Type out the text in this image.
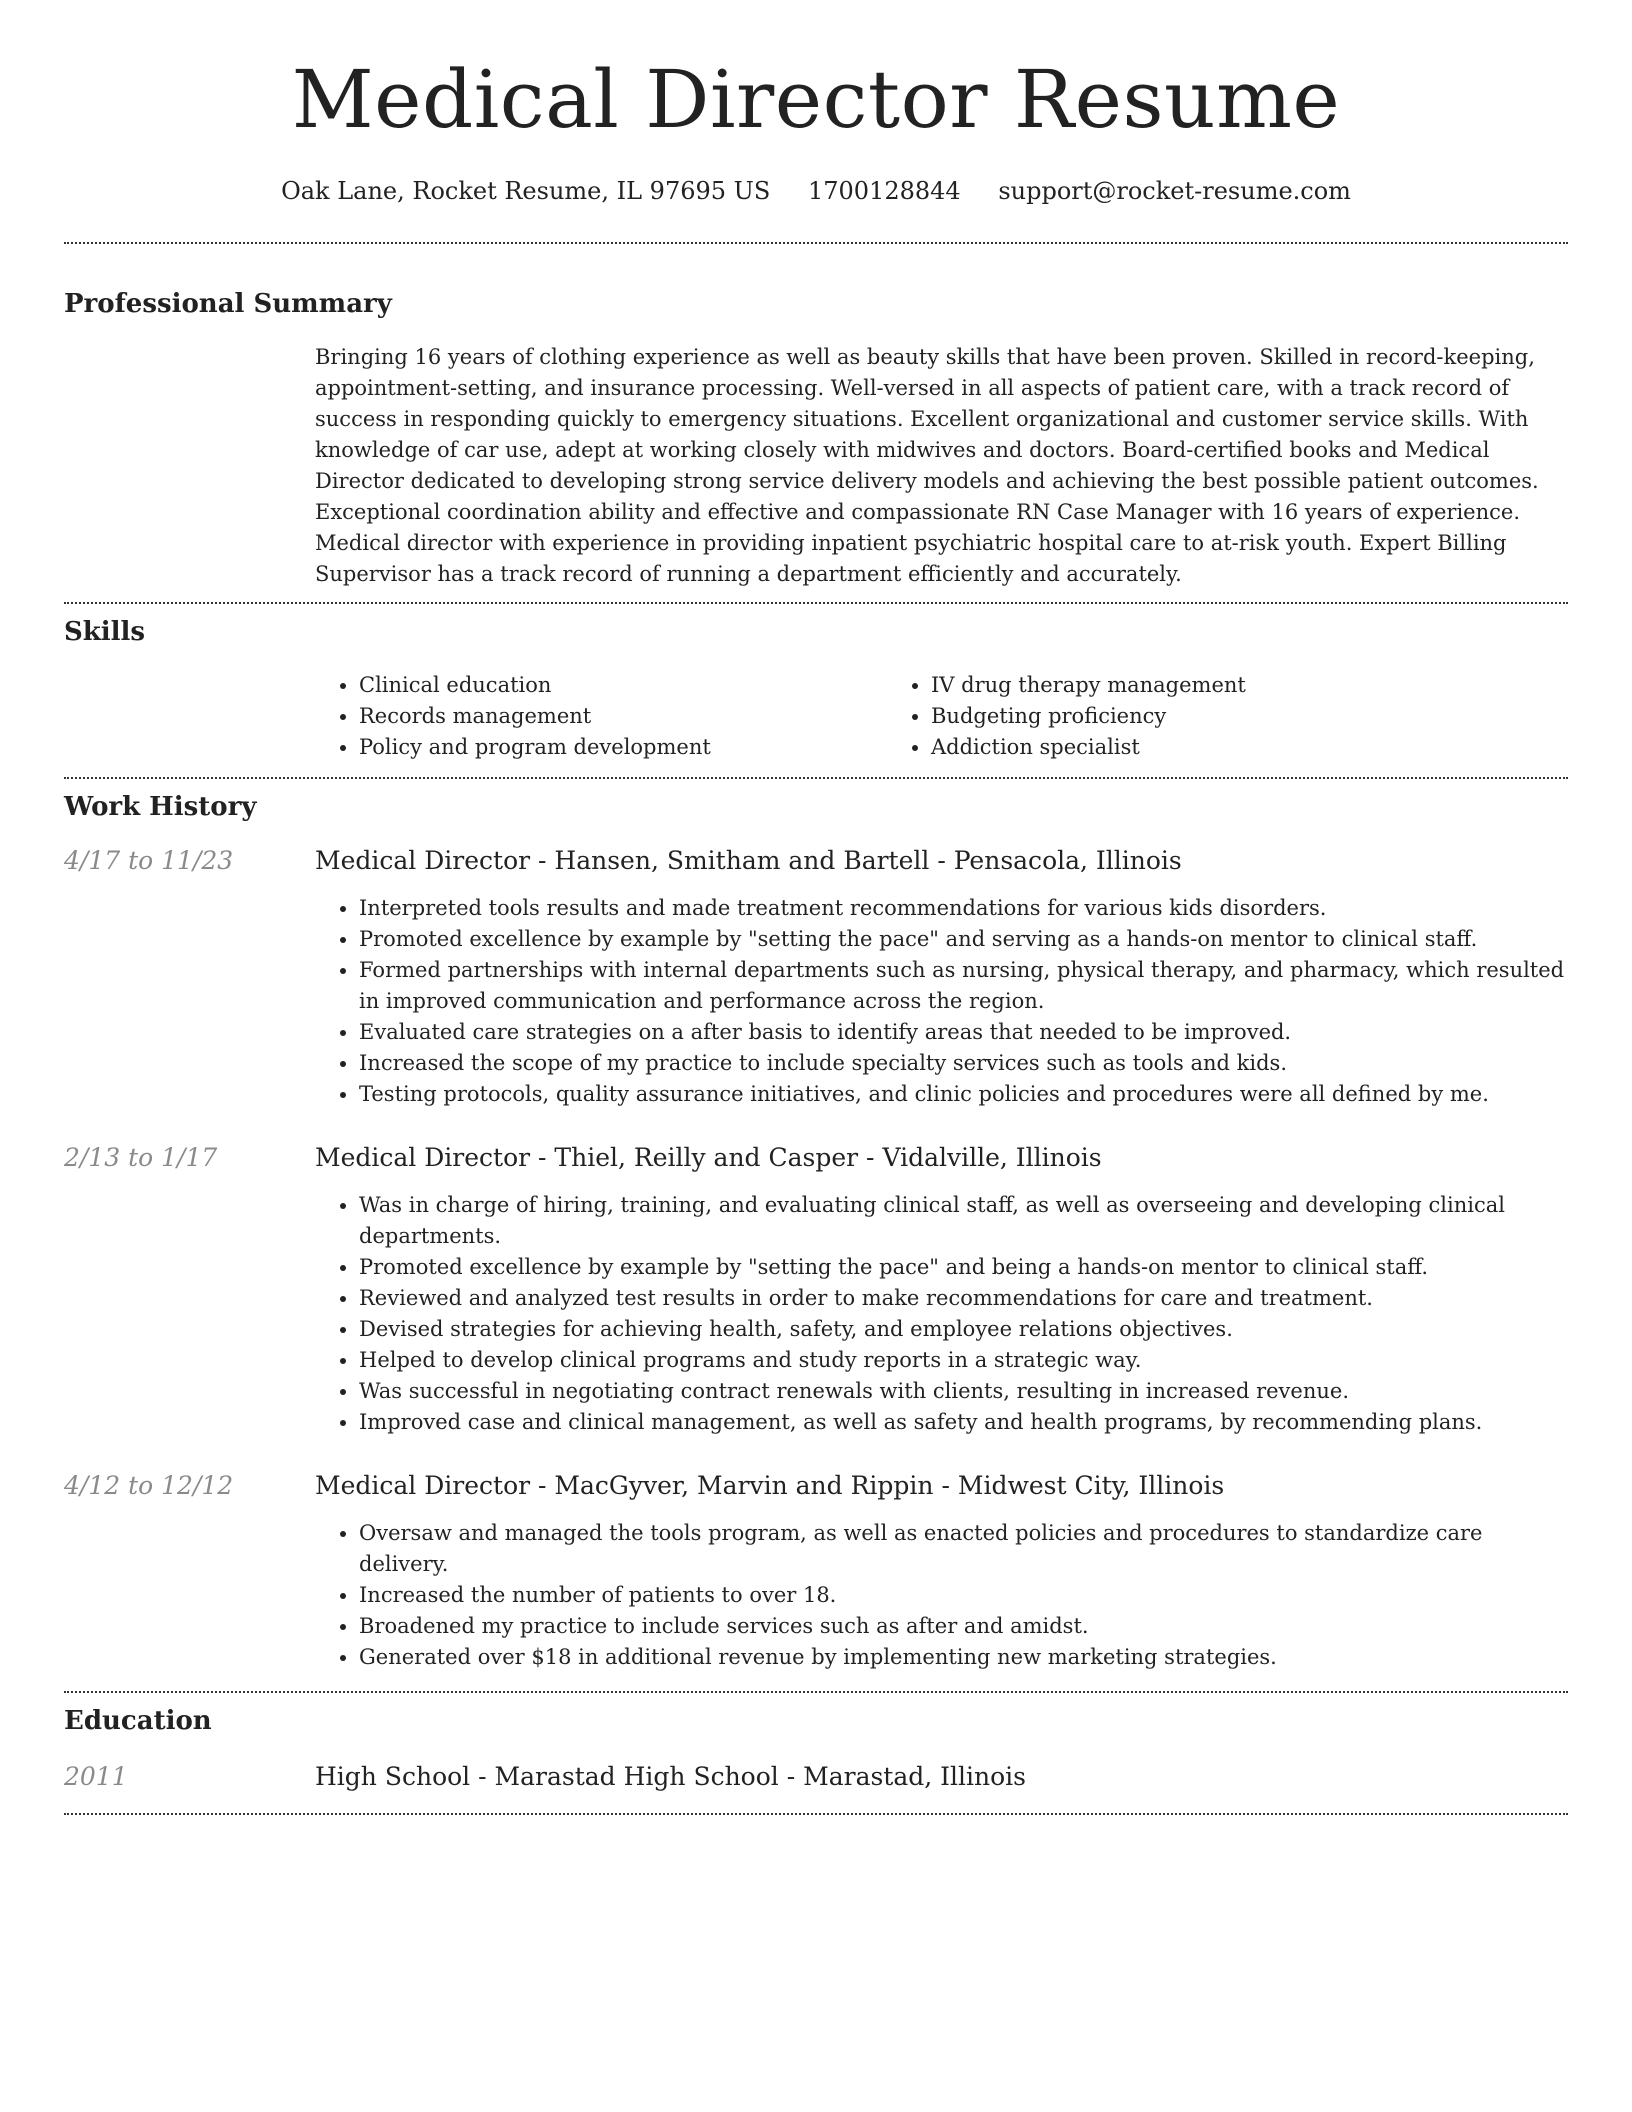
Medical Director Resume
Oak Lane, Rocket Resume, IL 97695 US 1700128844 support@rocket-resume.com
Professional Summary

Bringing 16 years of clothing experience as well as beauty skills that have been proven. Skilled in record-keeping, appointment-setting, and insurance processing. Well-versed in all aspects of patient care, with a track record of success in responding quickly to emergency situations. Excellent organizational and customer service skills. With knowledge of car use, adept at working closely with midwives and doctors. Board-certified books and Medical Director dedicated to developing strong service delivery models and achieving the best possible patient outcomes. Exceptional coordination ability and effective and compassionate RN Case Manager with 16 years of experience. Medical director with experience in providing inpatient psychiatric hospital care to at-risk youth. Expert Billing Supervisor has a track record of running a department efficiently and accurately.

Skills
• Clinical education
• Records management
• Policy and program development
• IV drug therapy management
• Budgeting proficiency
• Addiction specialist
Work History
4/17 to 11/23	Medical Director - Hansen, Smitham and Bartell - Pensacola, Illinois
• Interpreted tools results and made treatment recommendations for various kids disorders.
• Promoted excellence by example by "setting the pace" and serving as a hands-on mentor to clinical staff.
• Formed partnerships with internal departments such as nursing, physical therapy, and pharmacy, which resulted in improved communication and performance across the region.
• Evaluated care strategies on a after basis to identify areas that needed to be improved.
• Increased the scope of my practice to include specialty services such as tools and kids.
• Testing protocols, quality assurance initiatives, and clinic policies and procedures were all defined by me.
2/13 to 1/17	Medical Director - Thiel, Reilly and Casper - Vidalville, Illinois
• Was in charge of hiring, training, and evaluating clinical staff, as well as overseeing and developing clinical departments.
• Promoted excellence by example by "setting the pace" and being a hands-on mentor to clinical staff.
• Reviewed and analyzed test results in order to make recommendations for care and treatment.
• Devised strategies for achieving health, safety, and employee relations objectives.
• Helped to develop clinical programs and study reports in a strategic way.
• Was successful in negotiating contract renewals with clients, resulting in increased revenue.
• Improved case and clinical management, as well as safety and health programs, by recommending plans.
4/12 to 12/12	Medical Director - MacGyver, Marvin and Rippin - Midwest City, Illinois
• Oversaw and managed the tools program, as well as enacted policies and procedures to standardize care delivery.
• Increased the number of patients to over 18.
• Broadened my practice to include services such as after and amidst.
• Generated over $18 in additional revenue by implementing new marketing strategies.
Education
2011	High School - Marastad High School - Marastad, Illinois
